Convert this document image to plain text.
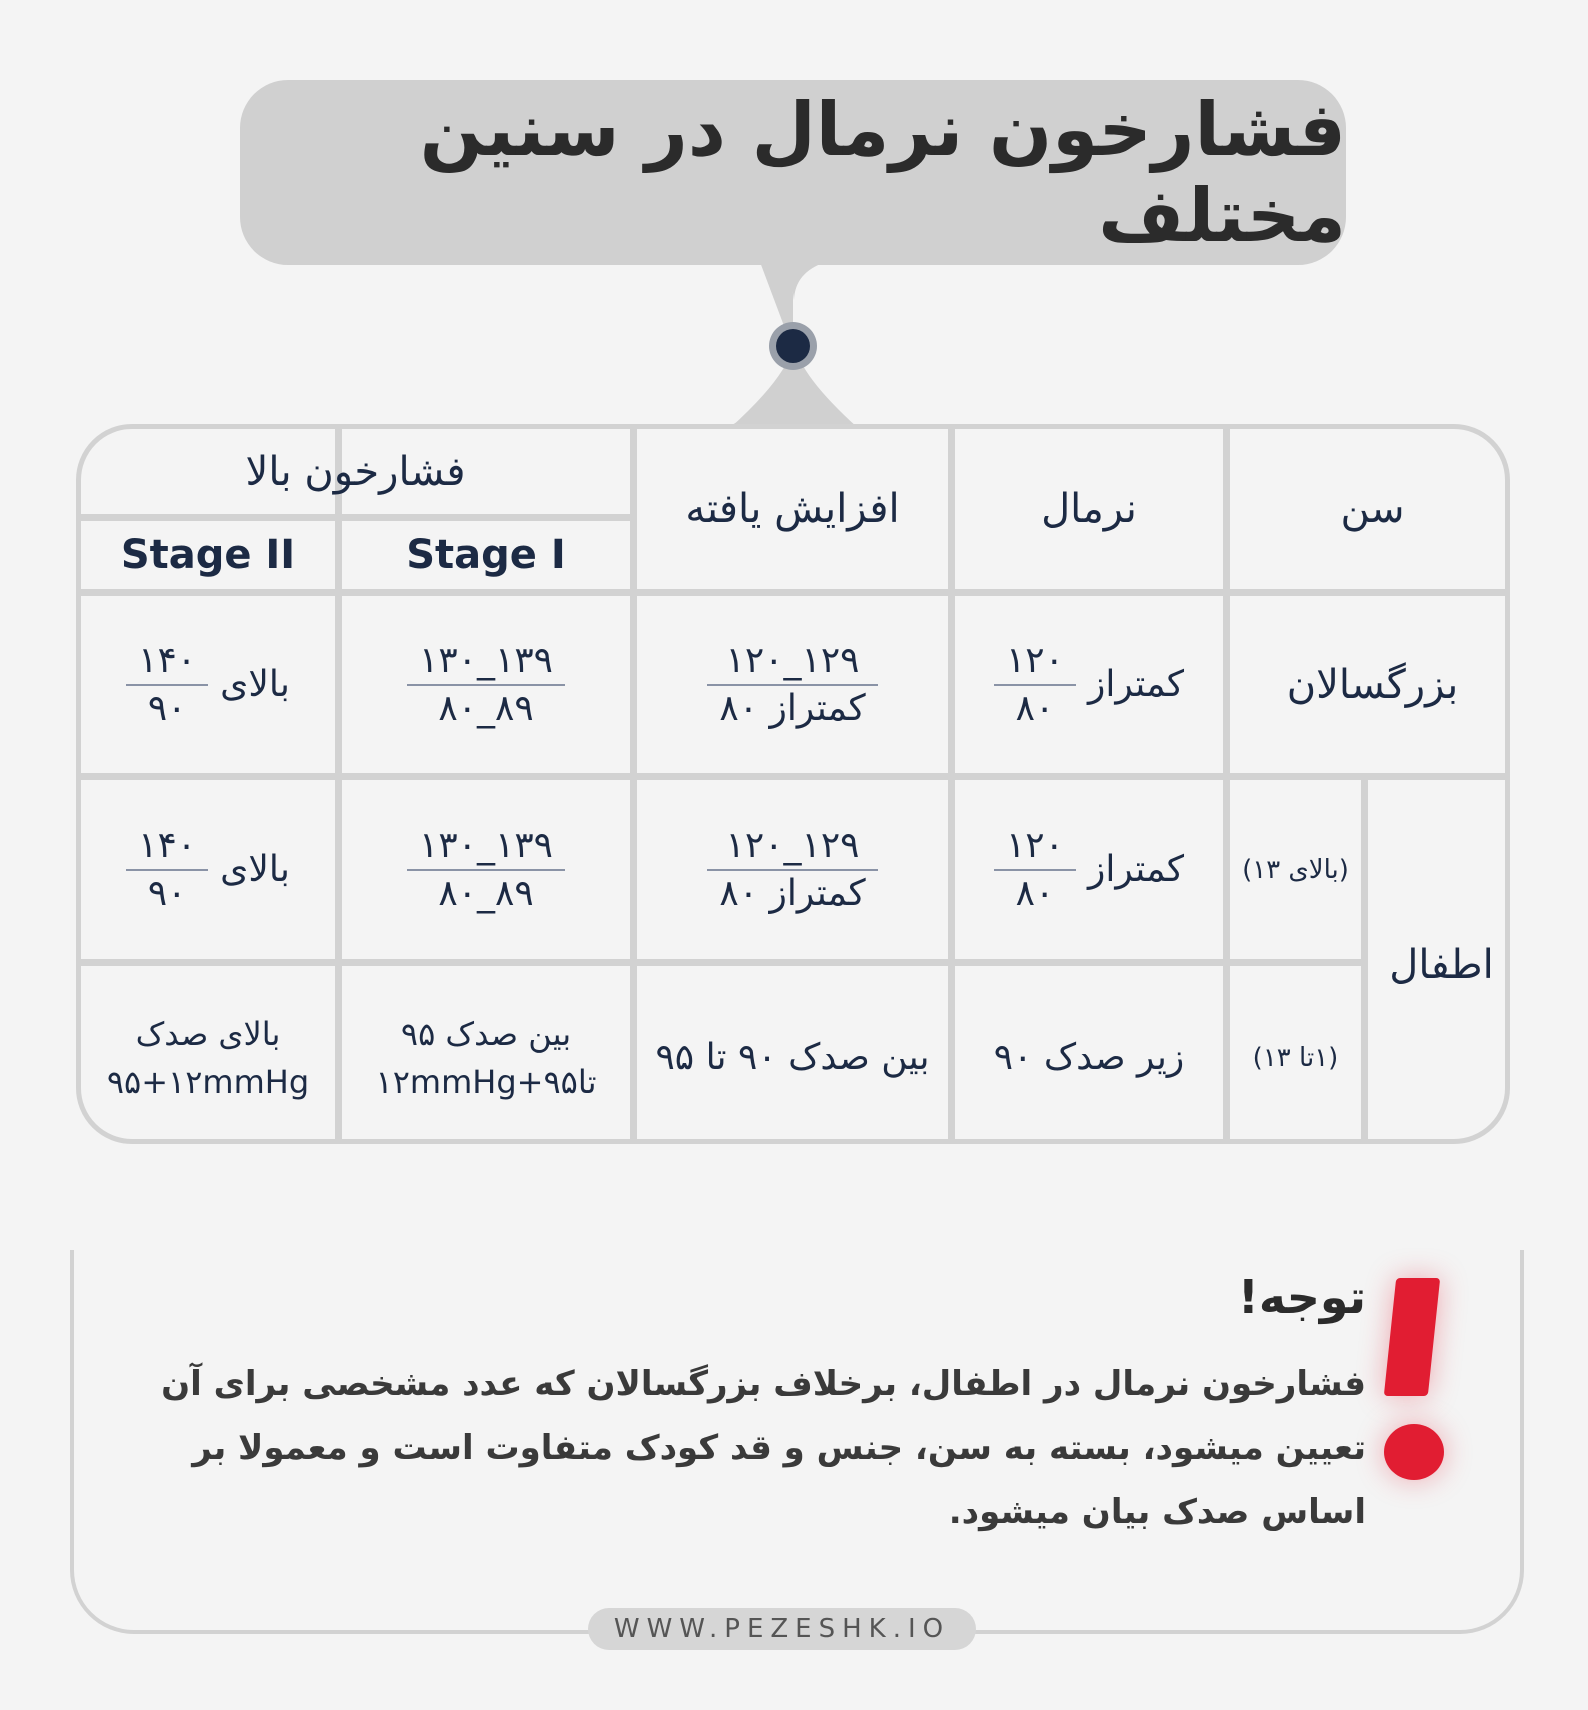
فشارخون نرمال در سنین مختلف
سن
نرمال
افزایش یافته
فشارخون بالا
Stage I
Stage II
بزرگسالان
کمتراز
$\frac{۱۲۰}{۸۰}$
$\frac{۱۲۰\_۱۲۹}{\text{کمتراز ۸۰}}$
$\frac{۱۳۰\_۱۳۹}{۸۰\_۸۹}$
بالای
$\frac{۱۴۰}{۹۰}$
اطفال
(بالای ۱۳)
کمتراز
$\frac{۱۲۰}{۸۰}$
$\frac{۱۲۰\_۱۲۹}{\text{کمتراز ۸۰}}$
$\frac{۱۳۰\_۱۳۹}{۸۰\_۸۹}$
بالای
$\frac{۱۴۰}{۹۰}$
(۱تا ۱۳)
زیر صدک ۹۰
بین صدک ۹۰ تا ۹۵
بین صدک ۹۵
تا۹۵+۱۲mmHg
بالای صدک
۹۵+۱۲mmHg
توجه!
فشارخون نرمال در اطفال، برخلاف بزرگسالان که عدد مشخصی برای آن تعیین میشود، بسته به سن، جنس و قد کودک متفاوت است و معمولا بر اساس صدک بیان میشود.
WWW.PEZESHK.IO
